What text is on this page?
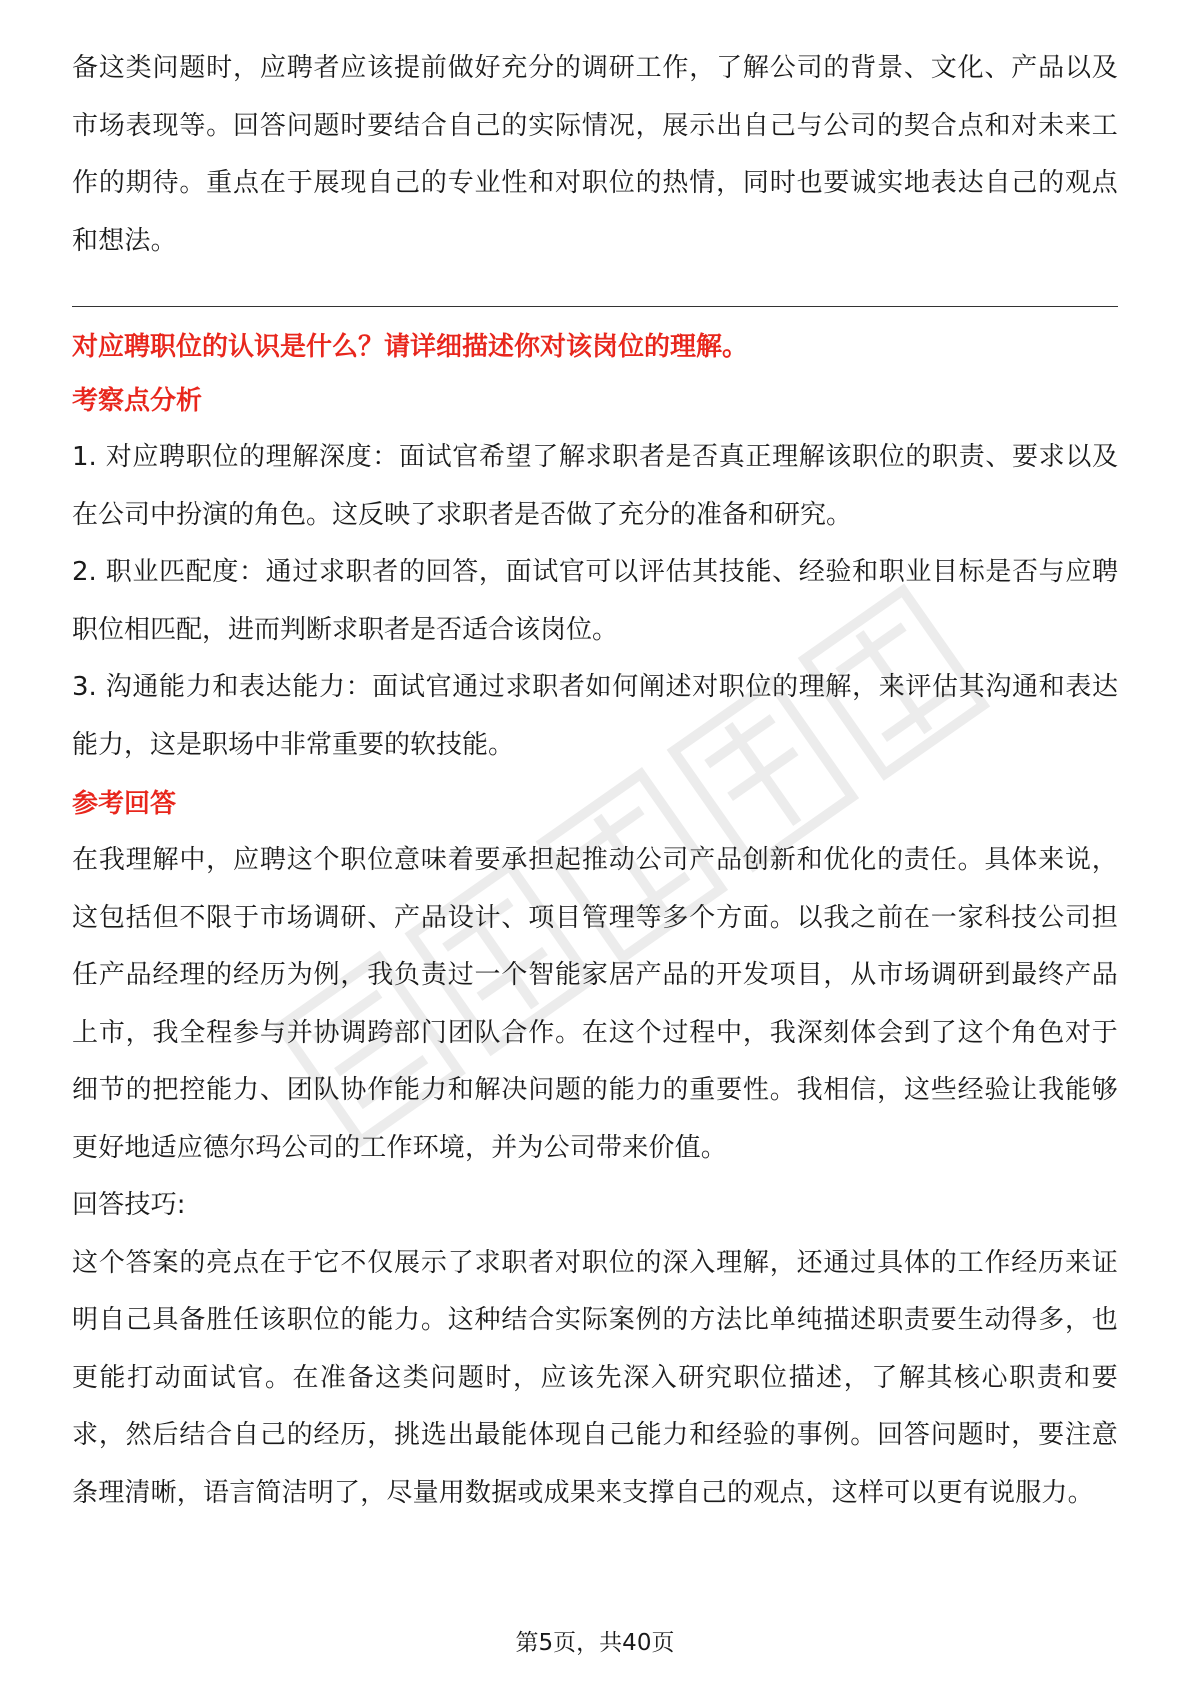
备这类问题时，应聘者应该提前做好充分的调研工作，了解公司的背景、文化、产品以及市场表现等。回答问题时要结合自己的实际情况，展示出自己与公司的契合点和对未来工作的期待。重点在于展现自己的专业性和对职位的热情，同时也要诚实地表达自己的观点和想法。

对应聘职位的认识是什么？请详细描述你对该岗位的理解。

考察点分析

1. 对应聘职位的理解深度：面试官希望了解求职者是否真正理解该职位的职责、要求以及在公司中扮演的角色。这反映了求职者是否做了充分的准备和研究。

2. 职业匹配度：通过求职者的回答，面试官可以评估其技能、经验和职业目标是否与应聘职位相匹配，进而判断求职者是否适合该岗位。

3. 沟通能力和表达能力：面试官通过求职者如何阐述对职位的理解，来评估其沟通和表达能力，这是职场中非常重要的软技能。

参考回答

在我理解中，应聘这个职位意味着要承担起推动公司产品创新和优化的责任。具体来说，这包括但不限于市场调研、产品设计、项目管理等多个方面。以我之前在一家科技公司担任产品经理的经历为例，我负责过一个智能家居产品的开发项目，从市场调研到最终产品上市，我全程参与并协调跨部门团队合作。在这个过程中，我深刻体会到了这个角色对于细节的把控能力、团队协作能力和解决问题的能力的重要性。我相信，这些经验让我能够更好地适应德尔玛公司的工作环境，并为公司带来价值。

回答技巧:

这个答案的亮点在于它不仅展示了求职者对职位的深入理解，还通过具体的工作经历来证明自己具备胜任该职位的能力。这种结合实际案例的方法比单纯描述职责要生动得多，也更能打动面试官。在准备这类问题时，应该先深入研究职位描述，了解其核心职责和要求，然后结合自己的经历，挑选出最能体现自己能力和经验的事例。回答问题时，要注意条理清晰，语言简洁明了，尽量用数据或成果来支撑自己的观点，这样可以更有说服力。

第5页，共40页
